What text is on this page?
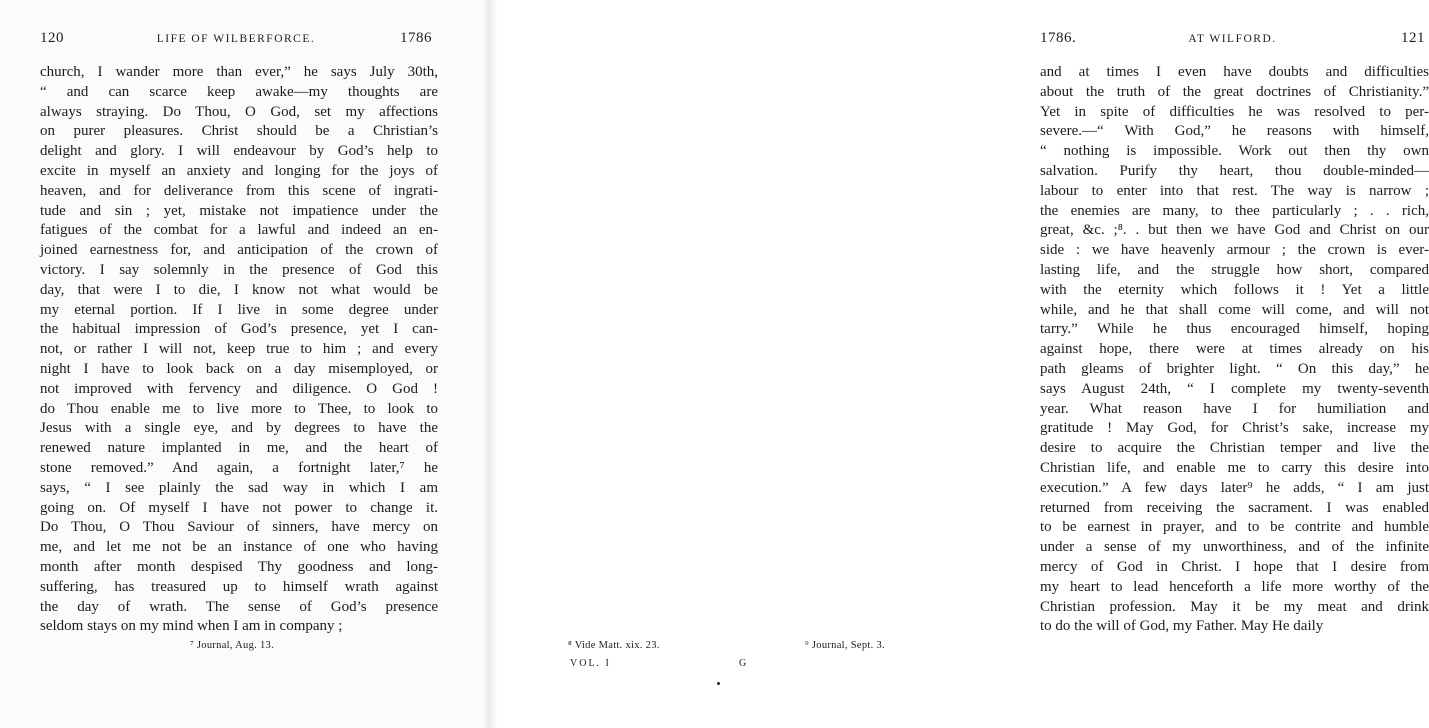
120	LIFE OF WILBERFORCE.	1786
church, I wander more than ever,” he says July 30th,
“ and can scarce keep awake—my thoughts are
always straying. Do Thou, O God, set my affections
on purer pleasures. Christ should be a Christian’s
delight and glory. I will endeavour by God’s help to
excite in myself an anxiety and longing for the joys of
heaven, and for deliverance from this scene of ingrati-
tude and sin ; yet, mistake not impatience under the
fatigues of the combat for a lawful and indeed an en-
joined earnestness for, and anticipation of the crown of
victory. I say solemnly in the presence of God this
day, that were I to die, I know not what would be
my eternal portion. If I live in some degree under
the habitual impression of God’s presence, yet I can-
not, or rather I will not, keep true to him ; and every
night I have to look back on a day misemployed, or
not improved with fervency and diligence. O God !
do Thou enable me to live more to Thee, to look to
Jesus with a single eye, and by degrees to have the
renewed nature implanted in me, and the heart of
stone removed.” And again, a fortnight later,⁷ he
says, “ I see plainly the sad way in which I am
going on. Of myself I have not power to change it.
Do Thou, O Thou Saviour of sinners, have mercy on
me, and let me not be an instance of one who having
month after month despised Thy goodness and long-
suffering, has treasured up to himself wrath against
the day of wrath. The sense of God’s presence
seldom stays on my mind when I am in company ;
⁷ Journal, Aug. 13.
1786.	AT WILFORD.	121
and at times I even have doubts and difficulties
about the truth of the great doctrines of Christianity.”
Yet in spite of difficulties he was resolved to per-
severe.—“ With God,” he reasons with himself,
“ nothing is impossible. Work out then thy own
salvation. Purify thy heart, thou double-minded—
labour to enter into that rest. The way is narrow ;
the enemies are many, to thee particularly ; . . rich,
great, &c. ;⁸. . but then we have God and Christ on our
side : we have heavenly armour ; the crown is ever-
lasting life, and the struggle how short, compared
with the eternity which follows it ! Yet a little
while, and he that shall come will come, and will not
tarry.” While he thus encouraged himself, hoping
against hope, there were at times already on his
path gleams of brighter light. “ On this day,” he
says August 24th, “ I complete my twenty-seventh
year. What reason have I for humiliation and
gratitude ! May God, for Christ’s sake, increase my
desire to acquire the Christian temper and live the
Christian life, and enable me to carry this desire into
execution.” A few days later⁹ he adds, “ I am just
returned from receiving the sacrament. I was enabled
to be earnest in prayer, and to be contrite and humble
under a sense of my unworthiness, and of the infinite
mercy of God in Christ. I hope that I desire from
my heart to lead henceforth a life more worthy of the
Christian profession. May it be my meat and drink
to do the will of God, my Father. May He daily
⁸ Vide Matt. xix. 23.	⁹ Journal, Sept. 3.
VOL. I	G
